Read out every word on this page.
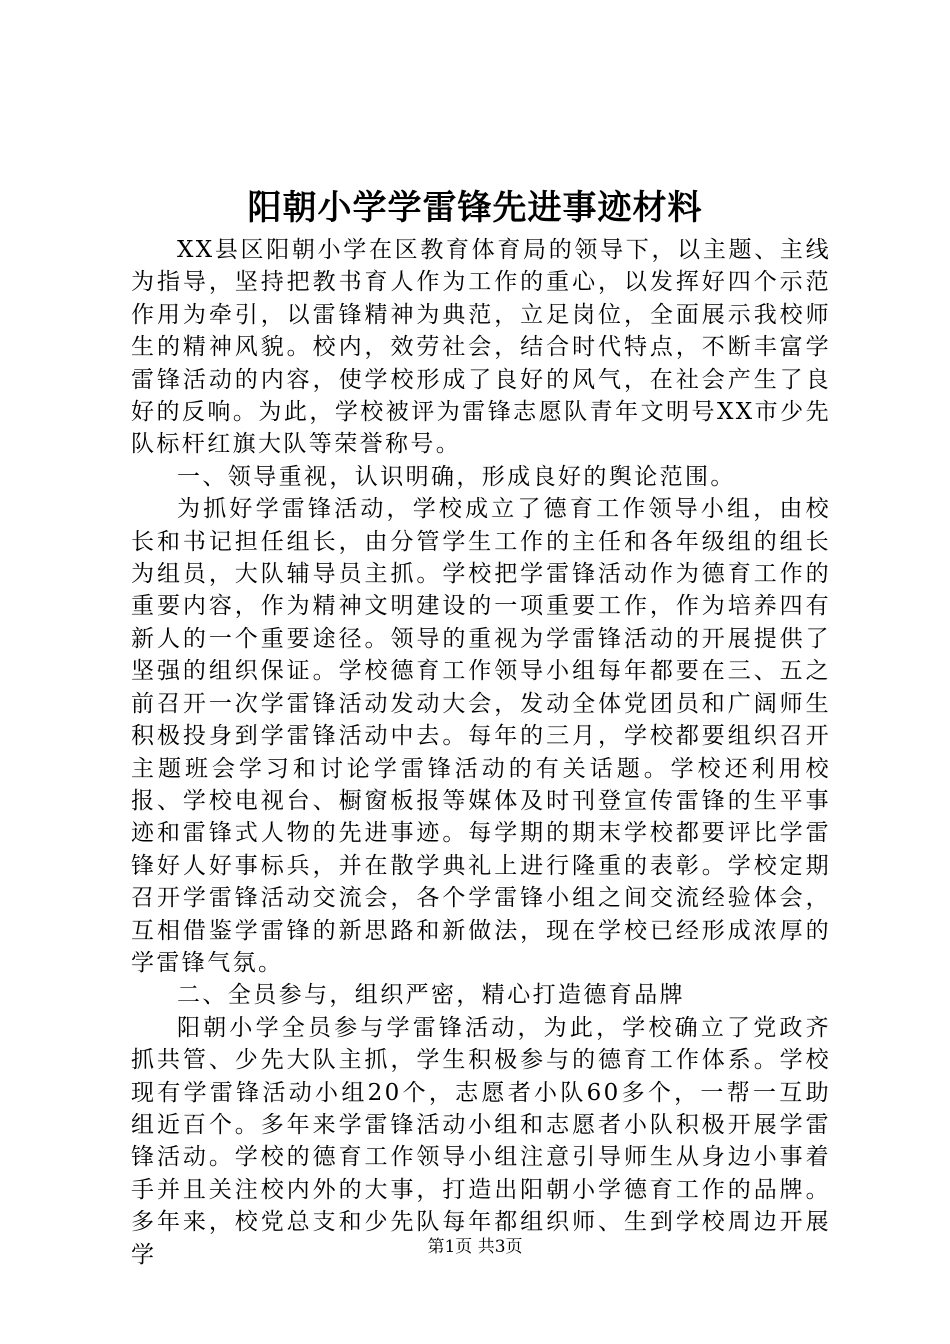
阳朝小学学雷锋先进事迹材料

XX县区阳朝小学在区教育体育局的领导下，以主题、主线为指导，坚持把教书育人作为工作的重心，以发挥好四个示范作用为牵引，以雷锋精神为典范，立足岗位，全面展示我校师生的精神风貌。校内，效劳社会，结合时代特点，不断丰富学雷锋活动的内容，使学校形成了良好的风气，在社会产生了良好的反响。为此，学校被评为雷锋志愿队青年文明号XX市少先队标杆红旗大队等荣誉称号。

一、领导重视，认识明确，形成良好的舆论范围。

为抓好学雷锋活动，学校成立了德育工作领导小组，由校长和书记担任组长，由分管学生工作的主任和各年级组的组长为组员，大队辅导员主抓。学校把学雷锋活动作为德育工作的重要内容，作为精神文明建设的一项重要工作，作为培养四有新人的一个重要途径。领导的重视为学雷锋活动的开展提供了坚强的组织保证。学校德育工作领导小组每年都要在三、五之前召开一次学雷锋活动发动大会，发动全体党团员和广阔师生积极投身到学雷锋活动中去。每年的三月，学校都要组织召开主题班会学习和讨论学雷锋活动的有关话题。学校还利用校报、学校电视台、橱窗板报等媒体及时刊登宣传雷锋的生平事迹和雷锋式人物的先进事迹。每学期的期末学校都要评比学雷锋好人好事标兵，并在散学典礼上进行隆重的表彰。学校定期召开学雷锋活动交流会，各个学雷锋小组之间交流经验体会，互相借鉴学雷锋的新思路和新做法，现在学校已经形成浓厚的学雷锋气氛。

二、全员参与，组织严密，精心打造德育品牌

阳朝小学全员参与学雷锋活动，为此，学校确立了党政齐抓共管、少先大队主抓，学生积极参与的德育工作体系。学校现有学雷锋活动小组20个，志愿者小队60多个，一帮一互助组近百个。多年来学雷锋活动小组和志愿者小队积极开展学雷锋活动。学校的德育工作领导小组注意引导师生从身边小事着手并且关注校内外的大事，打造出阳朝小学德育工作的品牌。多年来，校党总支和少先队每年都组织师、生到学校周边开展学	第1页 共3页
